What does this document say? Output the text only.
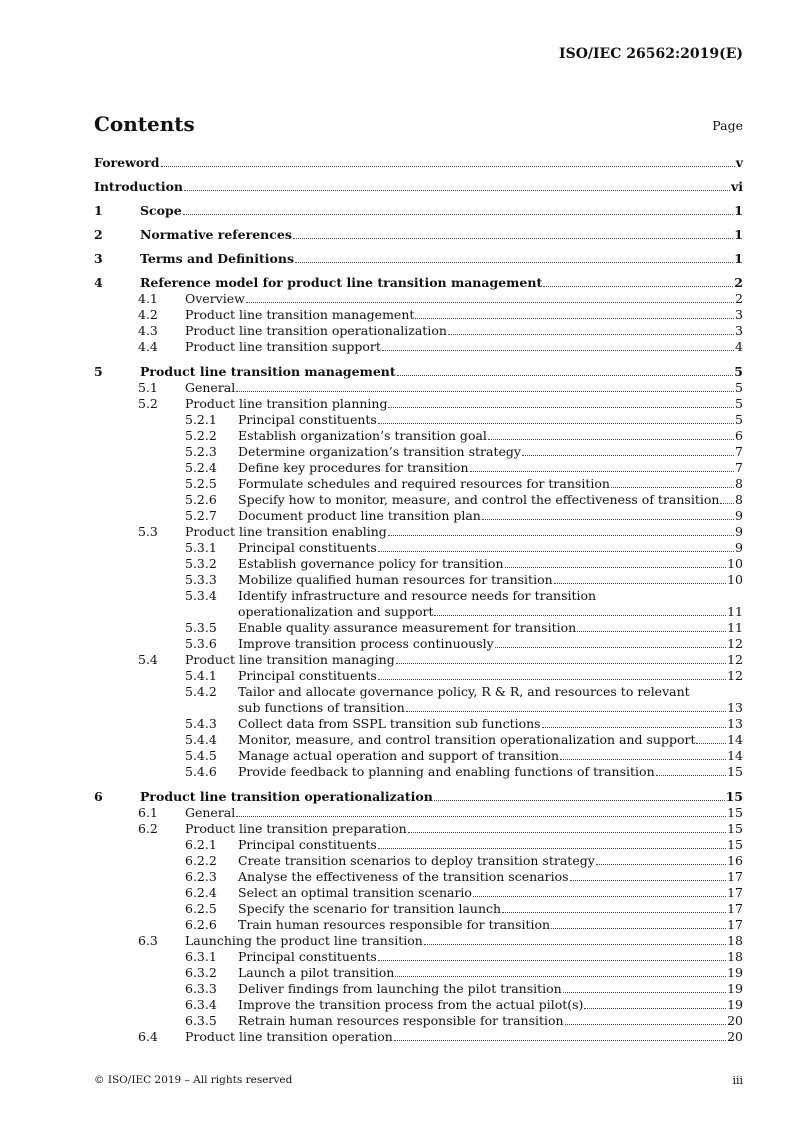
ISO/IEC 26562:2019(E)
Contents	Page
Foreword	v
Introduction	vi
1	Scope	1
2	Normative references	1
3	Terms and Definitions	1
4	Reference model for product line transition management	2
4.1 Overview	2
4.2 Product line transition management	3
4.3 Product line transition operationalization	3
4.4 Product line transition support	4
5	Product line transition management	5
5.1 General	5
5.2 Product line transition planning	5
5.2.1 Principal constituents	5
5.2.2 Establish organization’s transition goal	6
5.2.3 Determine organization’s transition strategy	7
5.2.4 Define key procedures for transition	7
5.2.5 Formulate schedules and required resources for transition	8
5.2.6 Specify how to monitor, measure, and control the effectiveness of transition 8
5.2.7 Document product line transition plan	9
5.3 Product line transition enabling	9
5.3.1 Principal constituents	9
5.3.2 Establish governance policy for transition	10
5.3.3 Mobilize qualified human resources for transition	10
5.3.4 Identify infrastructure and resource needs for transition
operationalization and support	11
5.3.5 Enable quality assurance measurement for transition	11
5.3.6 Improve transition process continuously	12
5.4 Product line transition managing	12
5.4.1 Principal constituents	12
5.4.2 Tailor and allocate governance policy, R & R, and resources to relevant
sub functions of transition	13
5.4.3 Collect data from SSPL transition sub functions	13
5.4.4 Monitor, measure, and control transition operationalization and support	14
5.4.5 Manage actual operation and support of transition	14
5.4.6 Provide feedback to planning and enabling functions of transition	15
6	Product line transition operationalization	15
6.1 General	15
6.2 Product line transition preparation	15
6.2.1 Principal constituents	15
6.2.2 Create transition scenarios to deploy transition strategy	16
6.2.3 Analyse the effectiveness of the transition scenarios	17
6.2.4 Select an optimal transition scenario	17
6.2.5 Specify the scenario for transition launch	17
6.2.6 Train human resources responsible for transition	17
6.3 Launching the product line transition	18
6.3.1 Principal constituents	18
6.3.2 Launch a pilot transition	19
6.3.3 Deliver findings from launching the pilot transition	19
6.3.4 Improve the transition process from the actual pilot(s)	19
6.3.5 Retrain human resources responsible for transition	20
6.4 Product line transition operation	20
© ISO/IEC 2019 – All rights reserved	iii
